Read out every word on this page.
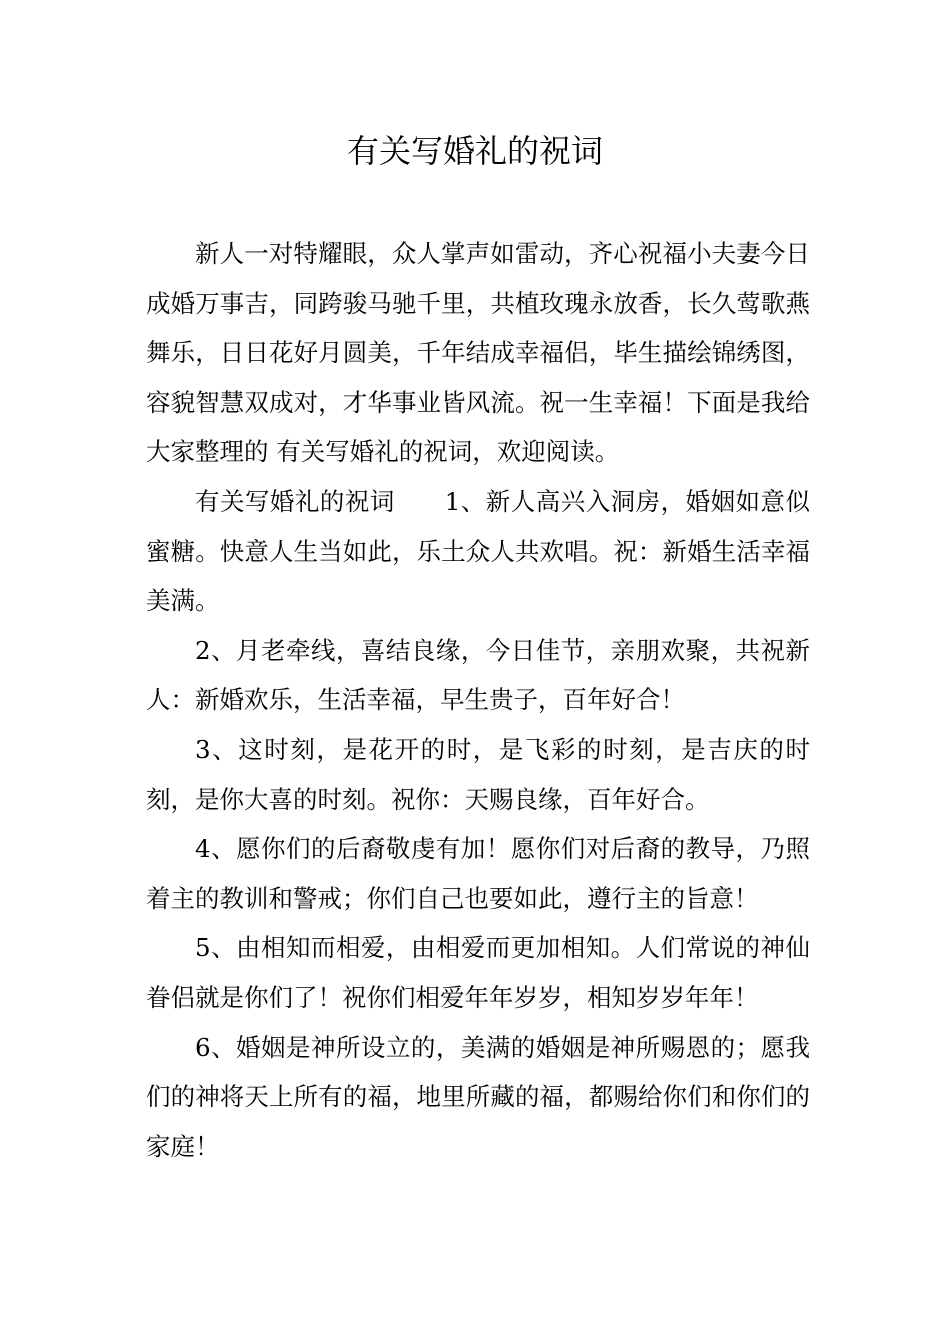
有关写婚礼的祝词

新人一对特耀眼，众人掌声如雷动，齐心祝福小夫妻今日成婚万事吉，同跨骏马驰千里，共植玫瑰永放香，长久莺歌燕舞乐，日日花好月圆美，千年结成幸福侣，毕生描绘锦绣图，容貌智慧双成对，才华事业皆风流。祝一生幸福！下面是我给大家整理的 有关写婚礼的祝词，欢迎阅读。

有关写婚礼的祝词　　1、新人高兴入洞房，婚姻如意似蜜糖。快意人生当如此，乐土众人共欢唱。祝：新婚生活幸福美满。

2、月老牵线，喜结良缘，今日佳节，亲朋欢聚，共祝新人：新婚欢乐，生活幸福，早生贵子，百年好合！

3、这时刻，是花开的时，是飞彩的时刻，是吉庆的时刻，是你大喜的时刻。祝你：天赐良缘，百年好合。

4、愿你们的后裔敬虔有加！愿你们对后裔的教导，乃照着主的教训和警戒；你们自己也要如此，遵行主的旨意！

5、由相知而相爱，由相爱而更加相知。人们常说的神仙眷侣就是你们了！祝你们相爱年年岁岁，相知岁岁年年！

6、婚姻是神所设立的，美满的婚姻是神所赐恩的；愿我们的神将天上所有的福，地里所藏的福，都赐给你们和你们的家庭！
